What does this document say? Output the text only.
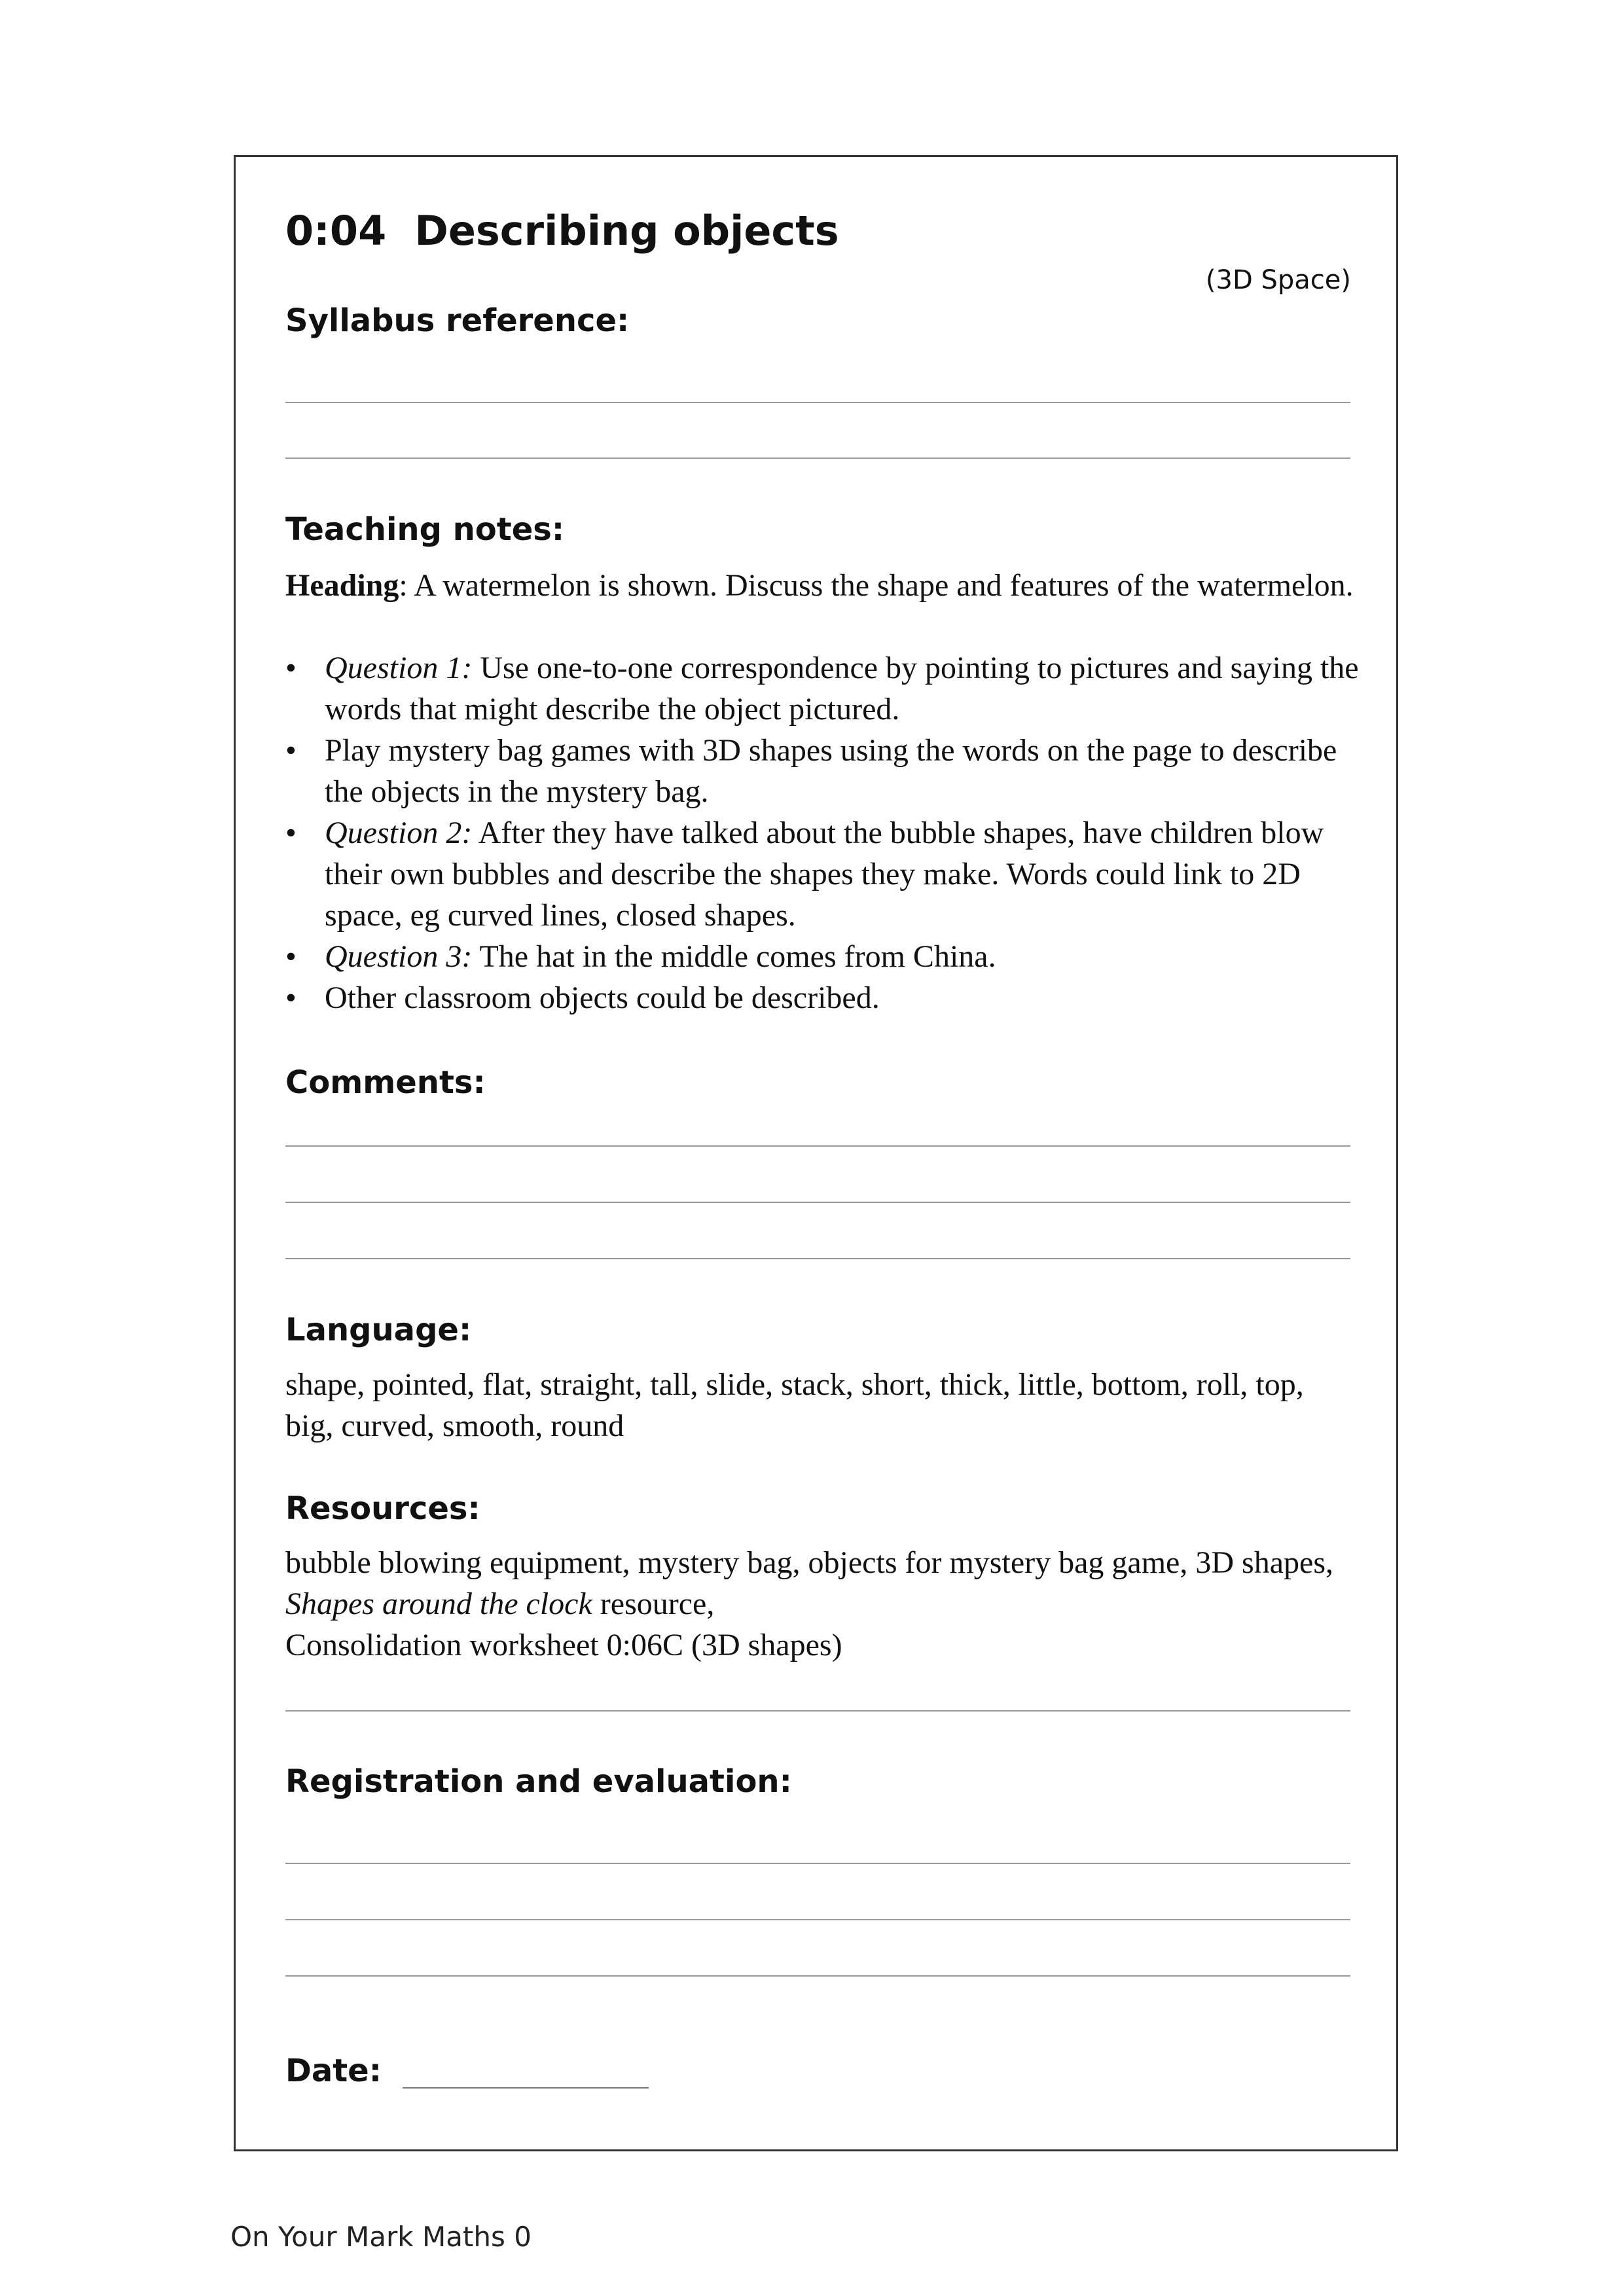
0:04  Describing objects
(3D Space)
Syllabus reference:
Teaching notes:

Heading: A watermelon is shown. Discuss the shape and features of the watermelon.

• Question 1: Use one-to-one correspondence by pointing to pictures and saying the words that might describe the object pictured.
• Play mystery bag games with 3D shapes using the words on the page to describe the objects in the mystery bag.
• Question 2: After they have talked about the bubble shapes, have children blow their own bubbles and describe the shapes they make. Words could link to 2D space, eg curved lines, closed shapes.
• Question 3: The hat in the middle comes from China.
• Other classroom objects could be described.
Comments:
Language:

shape, pointed, flat, straight, tall, slide, stack, short, thick, little, bottom, roll, top, big, curved, smooth, round

Resources:

bubble blowing equipment, mystery bag, objects for mystery bag game, 3D shapes, Shapes around the clock resource,
Consolidation worksheet 0:06C (3D shapes)

Registration and evaluation:
Date:
On Your Mark Maths 0
